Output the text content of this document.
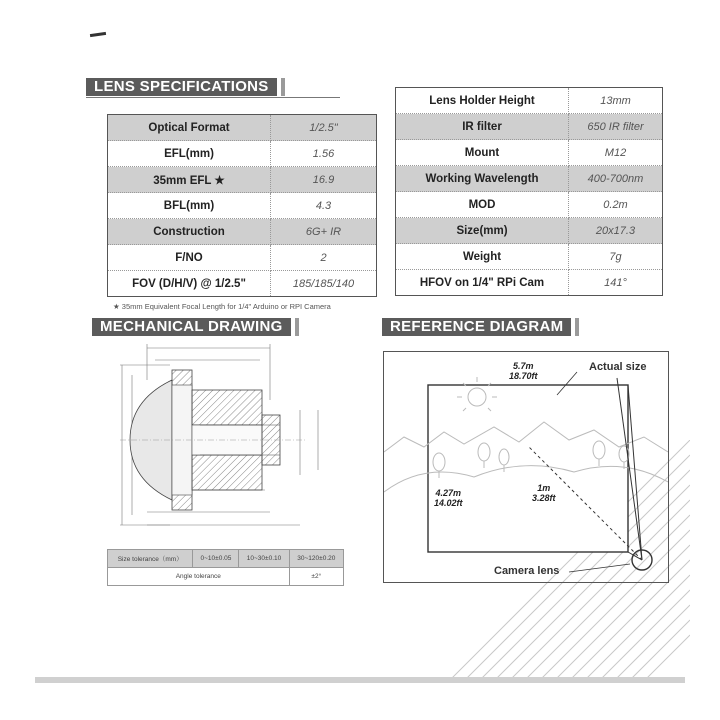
LENS SPECIFICATIONS
Optical Format	1/2.5"
EFL(mm)	1.56
35mm EFL ★	16.9
BFL(mm)	4.3
Construction	6G+ IR
F/NO	2
FOV (D/H/V) @ 1/2.5"	185/185/140
★ 35mm Equivalent Focal Length for 1/4" Arduino or RPI Camera
Lens Holder Height	13mm
IR filter	650 IR filter
Mount	M12
Working Wavelength	400-700nm
MOD	0.2m
Size(mm)	20x17.3
Weight	7g
HFOV on 1/4" RPi Cam	141°
MECHANICAL DRAWING
Size tolerance（mm）	0~10±0.05	10~30±0.10	30~120±0.20
Angle tolerance			±2°
REFERENCE DIAGRAM
5.7m
18.70ft
Actual size
4.27m
14.02ft
1m
3.28ft
Camera lens
